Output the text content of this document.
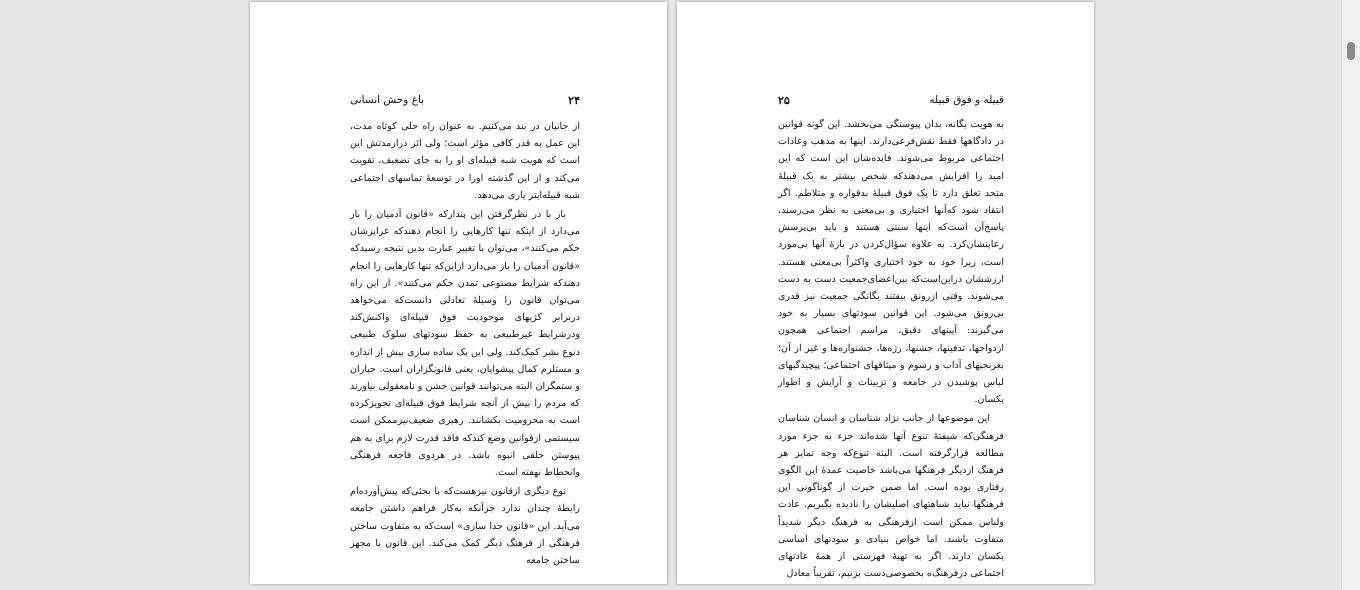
باغ وحش انسانی	۲۴

از جانیان در بند می‌کنیم. به عنوان راه حلی کوتاه مدت، این عمل به قدر کافی مؤثر است؛ ولی اثر درازمدتش این است که هویت شبه قبیله‌ای او را به جای تضعیف، تقویت می‌کند و از این گذشته اورا در توسعهٔ تماسهای اجتماعی شبه قبیله‌ایتر یاری می‌دهد.

باز با در نظرگرفتن این پندارکه «قانون آدمیان را باز می‌دارد از اینکه تنها کارهایی را انجام دهندکه غرایزشان حکم می‌کنند»، می‌توان با تغییر عبارت بدین نتیجه رسیدکه «قانون آدمیان را باز می‌دارد ازاین‌که تنها کارهایی را انجام دهندکه شرایط مصنوعی تمدن حکم می‌کنند». از این راه می‌توان قانون را وسیلهٔ تعادلی دانست‌که می‌خواهد دربرابر کژیهای موجودیت فوق قبیله‌ای واکنش‌کند ودرشرایط غیرطبیعی به حفظ سودتهای سلوک طبیعی دنوع بشر کمک‌کند. ولی این یک ساده سازی بیش از اندازه و مستلزم کمال پیشوایان، یعنی قانونگزاران است. جباران و ستمگران البته می‌توانند قوانین خشن و نامعقولی بیاورند که مردم را بیش از آنچه شرایط فوق قبیله‌ای تجویزکرده است به محرومیت بکشانند. رهبری ضعیف‌نیزممکن است سیستمی ازقوانین وضع کندکه فاقد قدرت لازم برای به هم پیوستن خلقی انبوه باشد. در هردوی فاجعه فرهنگی وانحطاط نهفته است.

نوع دیگری ازقانون نیزهست‌که با بحثی‌که پیش‌آورده‌ام رابطهٔ چندان ندارد جزآنکه به‌کار فراهم داشتن جامعه می‌آید. این «قانون جدا سازی» است‌که به متفاوت ساختن فرهنگی از فرهنگ دیگر کمک می‌کند. این قانون با مجهز ساختن جامعه

۲۵	قبیله و فوق قبیله

به هویت یگانه، بدان پیوستگی می‌بخشد. این گونه قوانین در دادگاهها فقط نقش‌فرعی‌دارند. اینها به مذهب وعادات اجتماعی مربوط می‌شوند. فایده‌شان این است که این امید را افزایش می‌دهندکه شخص بیشتر به یک قبیلهٔ متحد تعلق دارد تا یک فوق قبیلهٔ بدقواره و متلاطم. اگر انتقاد شود که‌آنها اختیاری و بی‌معنی به نظر می‌رسند، پاسخ‌آن است‌که اینها سنتی هستند و باید بی‌پرسش رعایتشان‌کرد. به علاوه سؤال‌کردن در بارهٔ آنها بی‌مورد است، زیرا خود به خود اختیاری واکثراً بی‌معنی هستند. ارزششان دراین‌است‌که بین‌اعضای‌جمعیت دست به دست می‌شوند. وقتی ازرونق بیفتند یگانگی جمعیت نیز قدری بی‌رونق می‌شود. این قوانین سودتهای بسیار به خود می‌گیرند: آیینهای دقیق، مراسم اجتماعی همچون ازدواجها، تدفینها، جشنها، رژه‌ها، جشنواره‌ها و غیر از آن؛ بغرنجیهای آداب و رسوم و میثاقهای اجتماعی؛ پیچیدگیهای لباس پوشیدن در جامعه و تزیینات و آرایش و اطوار یکسان.

این موضوعها از جانب نژاد شناسان و انسان شناسان فرهنگی‌که شیفتهٔ تنوع آنها شده‌اند جزء به جزء مورد مطالعه قرارگرفته است. البته تنوع‌که وجه تمایز هر فرهنگ ازدیگر فرهنگها می‌باشد خاصیت عمدهٔ این الگوی رفتاری بوده است. اما ضمن حیرت از گوناگونی این فرهنگها نباید شباهتهای اصلیشان را نادیده بگیریم. عادت ولباس ممکن است ازفرهنگی به فرهنگ دیگر شدیداً متفاوت باشند. اما خواص بنیادی و سودتهای اساسی یکسان دارند. اگر به تهیهٔ فهرستی از همهٔ عادتهای اجتماعی درفرهنگ‌ه بخصوصی‌دست بزنیم، تقریباً معادل
